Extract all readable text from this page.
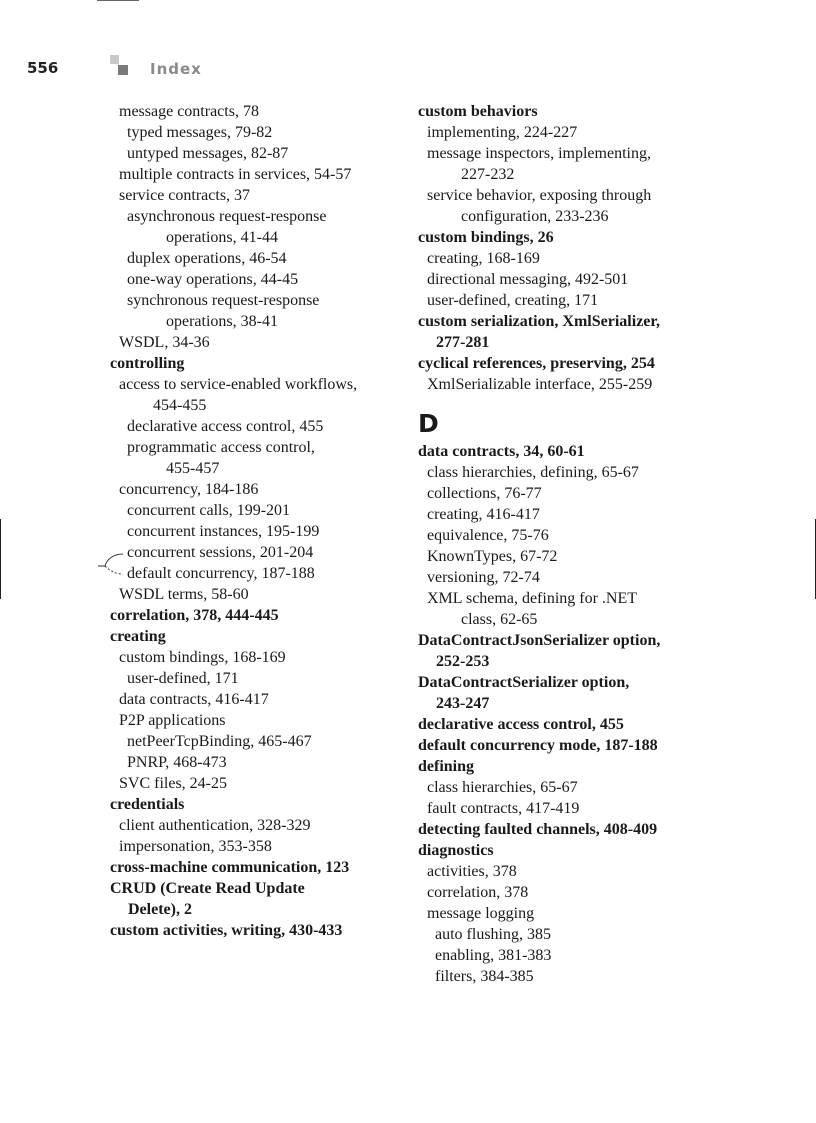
556	Index
message contracts, 78
typed messages, 79-82
untyped messages, 82-87
multiple contracts in services, 54-57
service contracts, 37
asynchronous request-response
operations, 41-44
duplex operations, 46-54
one-way operations, 44-45
synchronous request-response
operations, 38-41
WSDL, 34-36
controlling
access to service-enabled workflows,
454-455
declarative access control, 455
programmatic access control,
455-457
concurrency, 184-186
concurrent calls, 199-201
concurrent instances, 195-199
concurrent sessions, 201-204
default concurrency, 187-188
WSDL terms, 58-60
correlation, 378, 444-445
creating
custom bindings, 168-169
user-defined, 171
data contracts, 416-417
P2P applications
netPeerTcpBinding, 465-467
PNRP, 468-473
SVC files, 24-25
credentials
client authentication, 328-329
impersonation, 353-358
cross-machine communication, 123
CRUD (Create Read Update
Delete), 2
custom activities, writing, 430-433
custom behaviors
implementing, 224-227
message inspectors, implementing,
227-232
service behavior, exposing through
configuration, 233-236
custom bindings, 26
creating, 168-169
directional messaging, 492-501
user-defined, creating, 171
custom serialization, XmlSerializer,
277-281
cyclical references, preserving, 254
XmlSerializable interface, 255-259
D
data contracts, 34, 60-61
class hierarchies, defining, 65-67
collections, 76-77
creating, 416-417
equivalence, 75-76
KnownTypes, 67-72
versioning, 72-74
XML schema, defining for .NET
class, 62-65
DataContractJsonSerializer option,
252-253
DataContractSerializer option,
243-247
declarative access control, 455
default concurrency mode, 187-188
defining
class hierarchies, 65-67
fault contracts, 417-419
detecting faulted channels, 408-409
diagnostics
activities, 378
correlation, 378
message logging
auto flushing, 385
enabling, 381-383
filters, 384-385
